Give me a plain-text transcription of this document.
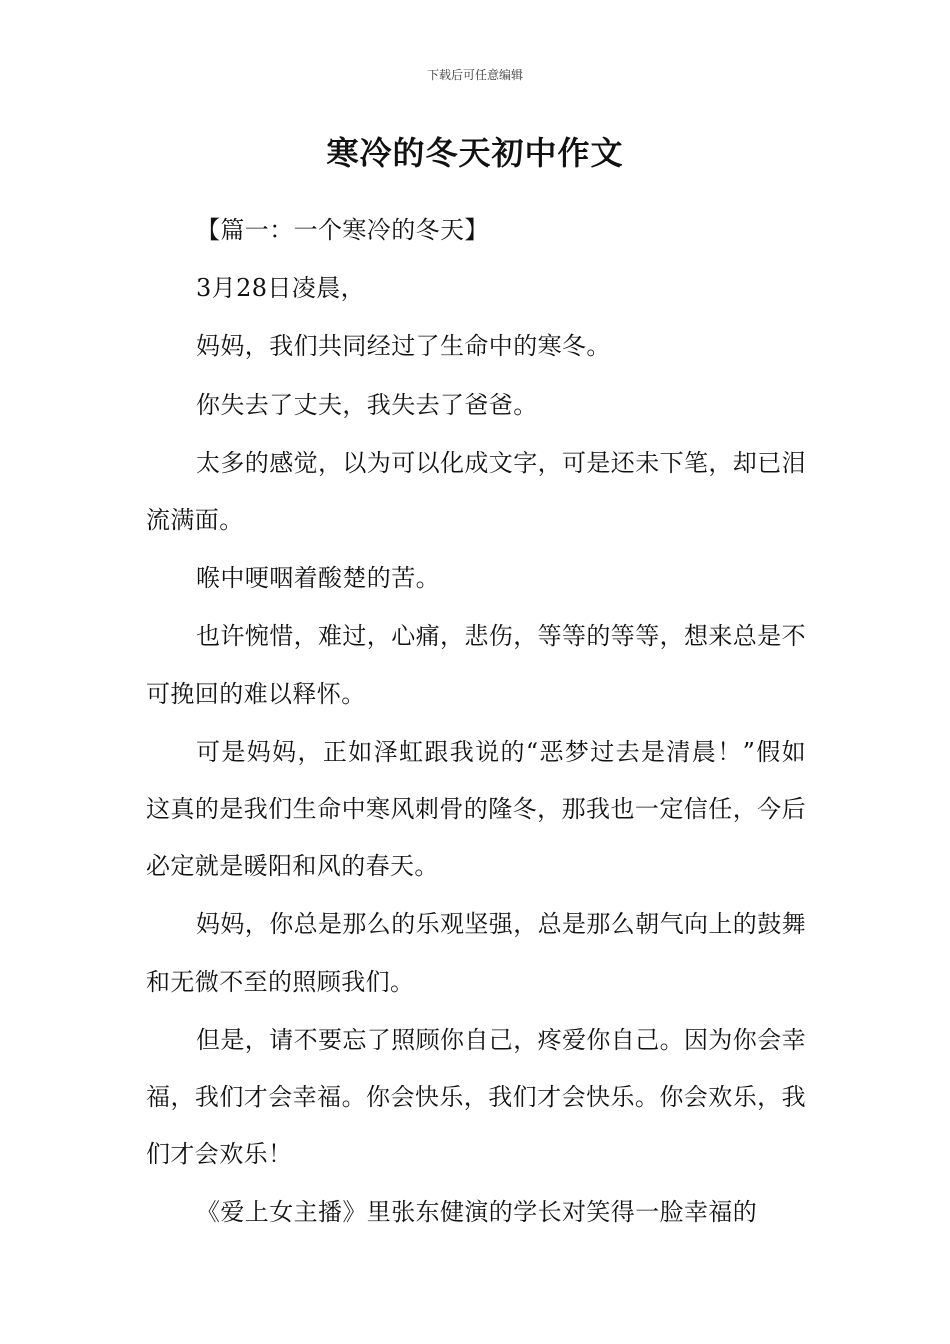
下载后可任意编辑
寒冷的冬天初中作文

【篇一：一个寒冷的冬天】

3月28日凌晨，

妈妈，我们共同经过了生命中的寒冬。

你失去了丈夫，我失去了爸爸。

太多的感觉，以为可以化成文字，可是还未下笔，却已泪流满面。

喉中哽咽着酸楚的苦。

也许惋惜，难过，心痛，悲伤，等等的等等，想来总是不可挽回的难以释怀。

可是妈妈，正如泽虹跟我说的“恶梦过去是清晨！”假如这真的是我们生命中寒风刺骨的隆冬，那我也一定信任，今后必定就是暖阳和风的春天。

妈妈，你总是那么的乐观坚强，总是那么朝气向上的鼓舞和无微不至的照顾我们。

但是，请不要忘了照顾你自己，疼爱你自己。因为你会幸福，我们才会幸福。你会快乐，我们才会快乐。你会欢乐，我们才会欢乐！

《爱上女主播》里张东健演的学长对笑得一脸幸福的
